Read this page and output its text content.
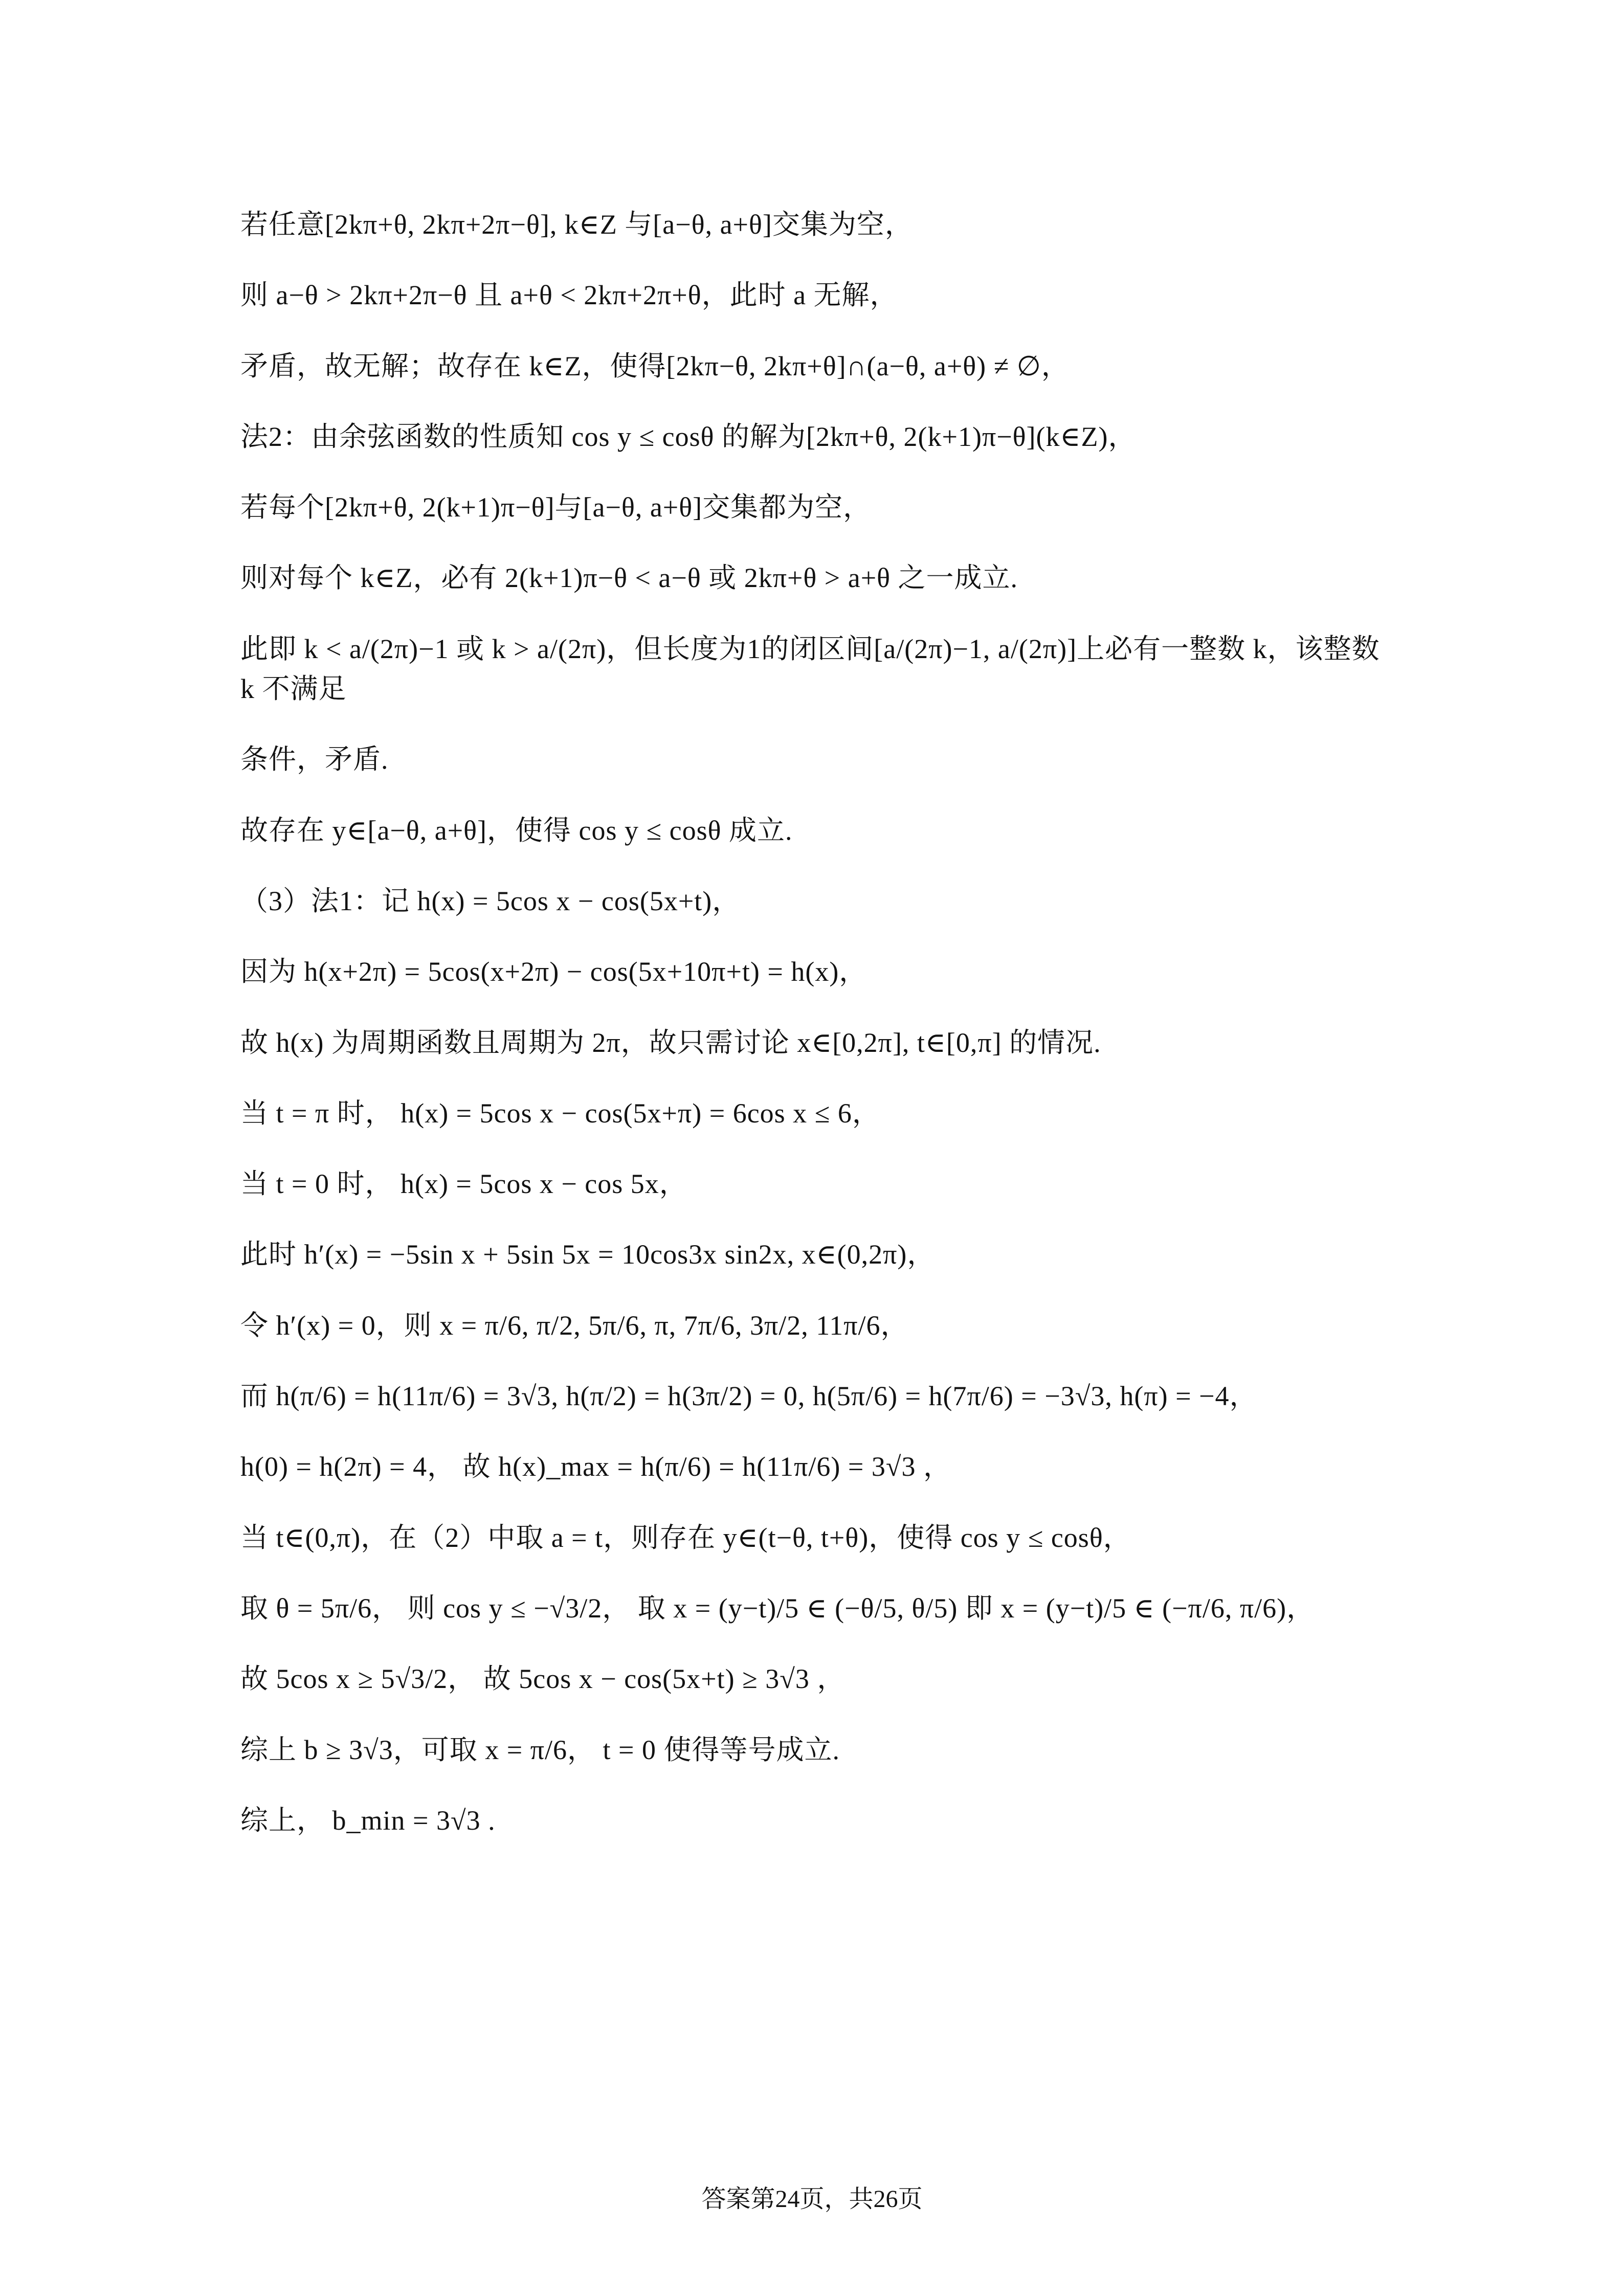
若任意[2kπ+θ, 2kπ+2π−θ], k∈Z 与[a−θ, a+θ]交集为空，

则 a−θ > 2kπ+2π−θ 且 a+θ < 2kπ+2π+θ，此时 a 无解，

矛盾，故无解；故存在 k∈Z，使得[2kπ−θ, 2kπ+θ]∩(a−θ, a+θ) ≠ ∅，

法2：由余弦函数的性质知 cos y ≤ cosθ 的解为[2kπ+θ, 2(k+1)π−θ](k∈Z)，

若每个[2kπ+θ, 2(k+1)π−θ]与[a−θ, a+θ]交集都为空，

则对每个 k∈Z，必有 2(k+1)π−θ < a−θ 或 2kπ+θ > a+θ 之一成立.

此即 k < a/(2π)−1 或 k > a/(2π)，但长度为1的闭区间[a/(2π)−1, a/(2π)]上必有一整数 k，该整数 k 不满足

条件，矛盾.

故存在 y∈[a−θ, a+θ]，使得 cos y ≤ cosθ 成立.

（3）法1：记 h(x) = 5cos x − cos(5x+t)，

因为 h(x+2π) = 5cos(x+2π) − cos(5x+10π+t) = h(x)，

故 h(x) 为周期函数且周期为 2π，故只需讨论 x∈[0,2π], t∈[0,π] 的情况.

当 t = π 时， h(x) = 5cos x − cos(5x+π) = 6cos x ≤ 6，

当 t = 0 时， h(x) = 5cos x − cos 5x，

此时 h′(x) = −5sin x + 5sin 5x = 10cos3x sin2x, x∈(0,2π)，

令 h′(x) = 0，则 x = π/6, π/2, 5π/6, π, 7π/6, 3π/2, 11π/6，

而 h(π/6) = h(11π/6) = 3√3, h(π/2) = h(3π/2) = 0, h(5π/6) = h(7π/6) = −3√3, h(π) = −4，

h(0) = h(2π) = 4， 故 h(x)_max = h(π/6) = h(11π/6) = 3√3 ，

当 t∈(0,π)，在（2）中取 a = t，则存在 y∈(t−θ, t+θ)，使得 cos y ≤ cosθ，

取 θ = 5π/6， 则 cos y ≤ −√3/2， 取 x = (y−t)/5 ∈ (−θ/5, θ/5) 即 x = (y−t)/5 ∈ (−π/6, π/6)，

故 5cos x ≥ 5√3/2， 故 5cos x − cos(5x+t) ≥ 3√3 ，

综上 b ≥ 3√3，可取 x = π/6， t = 0 使得等号成立.

综上， b_min = 3√3 .

答案第24页，共26页
